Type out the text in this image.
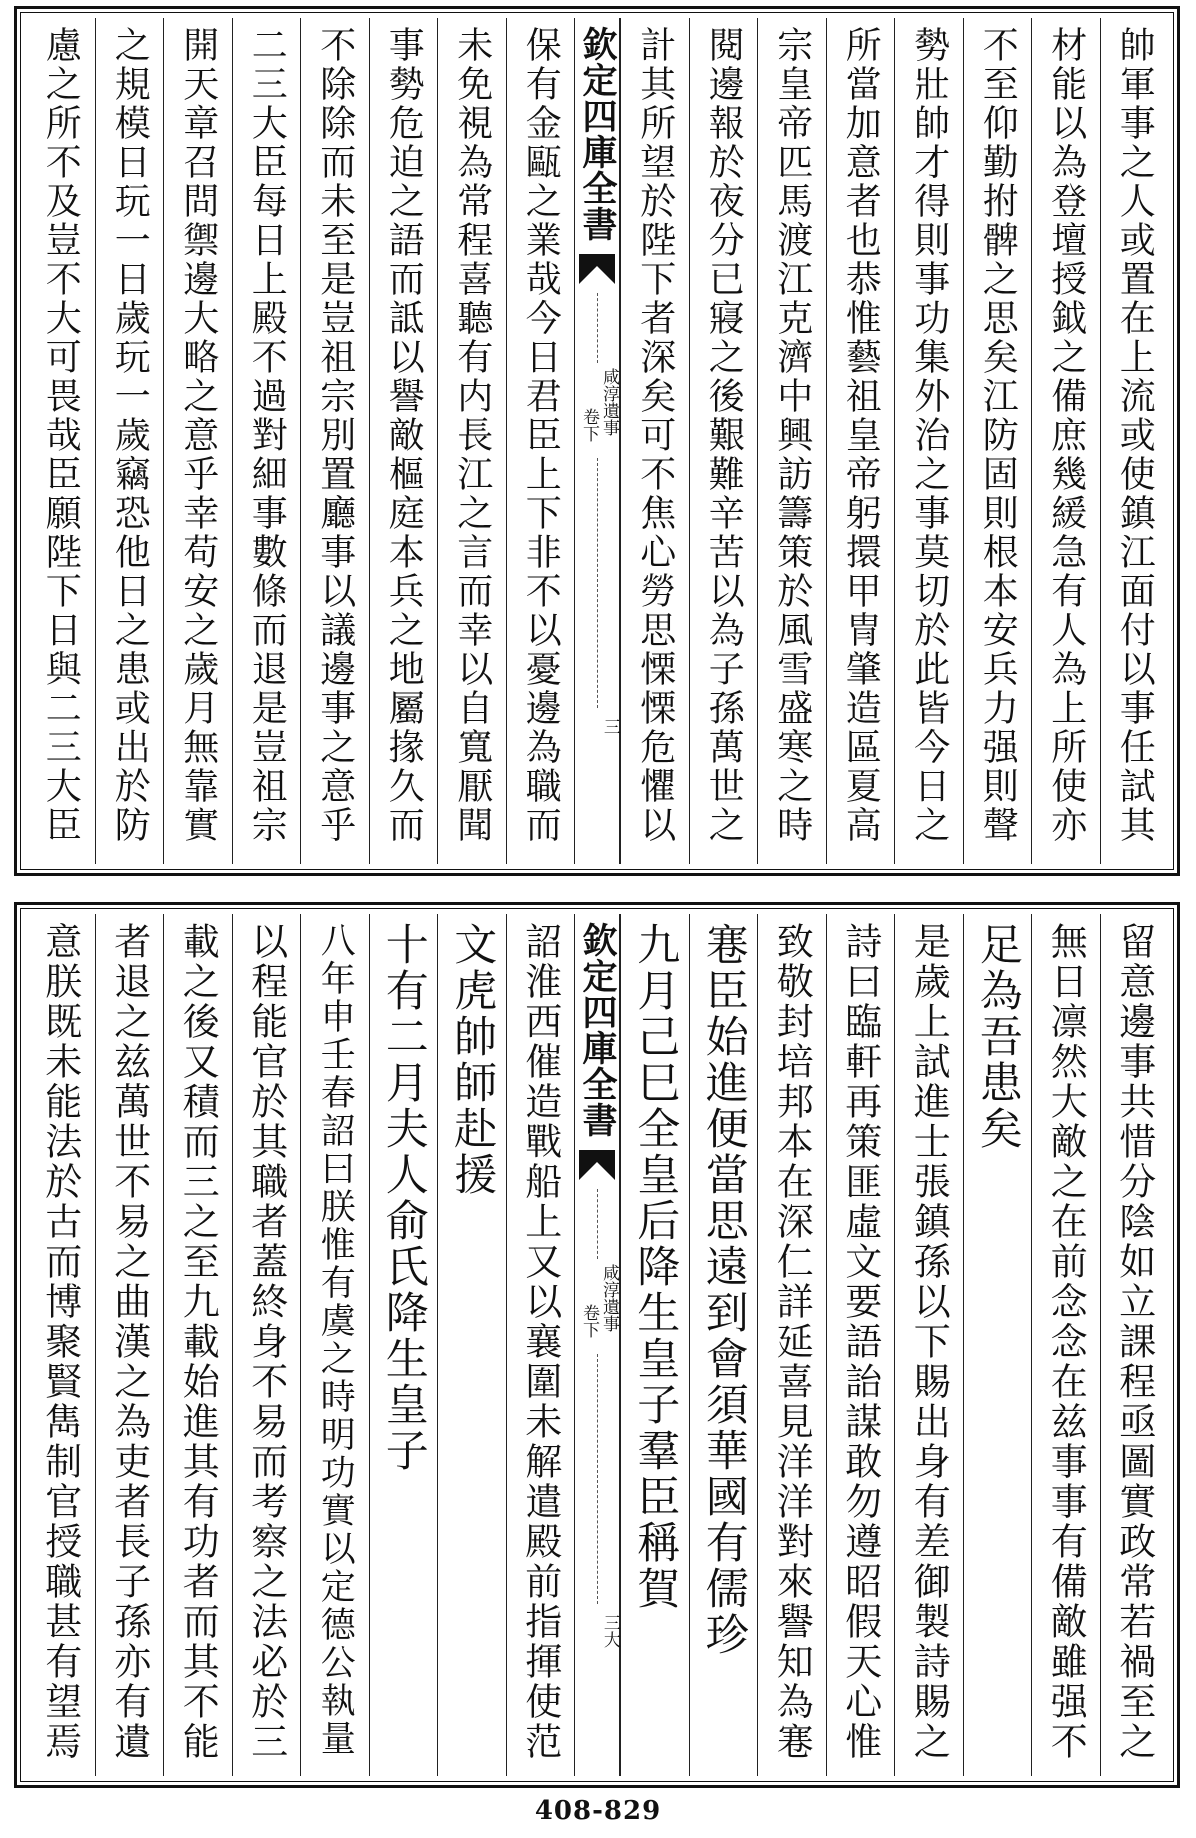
帥軍事之人或置在上流或使鎮江面付以事任試其
材能以為登壇授鉞之備庶幾緩急有人為上所使亦
不至仰勤拊髀之思矣江防固則根本安兵力强則聲
勢壯帥才得則事功集外治之事莫切於此皆今日之
所當加意者也恭惟藝祖皇帝躬擐甲冑肇造區夏高
宗皇帝匹馬渡江克濟中興訪籌策於風雪盛寒之時
閱邊報於夜分已寢之後艱難辛苦以為子孫萬世之
計其所望於陛下者深矣可不焦心勞思慄慄危懼以
欽定四庫全書
咸淳遺事
卷下
三
保有金甌之業哉今日君臣上下非不以憂邊為職而
未免視為常程喜聽有内長江之言而幸以自寬厭聞
事勢危迫之語而詆以譽敵樞庭本兵之地屬掾久而
不除除而未至是豈祖宗別置廳事以議邊事之意乎
二三大臣每日上殿不過對細事數條而退是豈祖宗
開天章召問禦邊大略之意乎幸苟安之歲月無靠實
之規模日玩一日歲玩一歲竊恐他日之患或出於防
慮之所不及豈不大可畏哉臣願陛下日與二三大臣
留意邊事共惜分陰如立課程亟圖實政常若禍至之
無日凛然大敵之在前念念在兹事事有備敵雖强不
足為吾患矣
是歲上試進士張鎮孫以下賜出身有差御製詩賜之
詩曰臨軒再策匪虛文要語詒謀敢勿遵昭假天心惟
致敬封培邦本在深仁詳延喜見洋洋對來譽知為寋
寋臣始進便當思遠到會須華國有儒珍
九月己巳全皇后降生皇子羣臣稱賀
欽定四庫全書
咸淳遺事
卷下
三大
詔淮西催造戰船上又以襄圍未解遣殿前指揮使范
文虎帥師赴援
十有二月夫人俞氏降生皇子
八年申壬春詔曰朕惟有虞之時明功實以定德公執量
以程能官於其職者蓋終身不易而考察之法必於三
載之後又積而三之至九載始進其有功者而其不能
者退之兹萬世不易之曲漢之為吏者長子孫亦有遺
意朕既未能法於古而博聚賢雋制官授職甚有望焉
408-829
